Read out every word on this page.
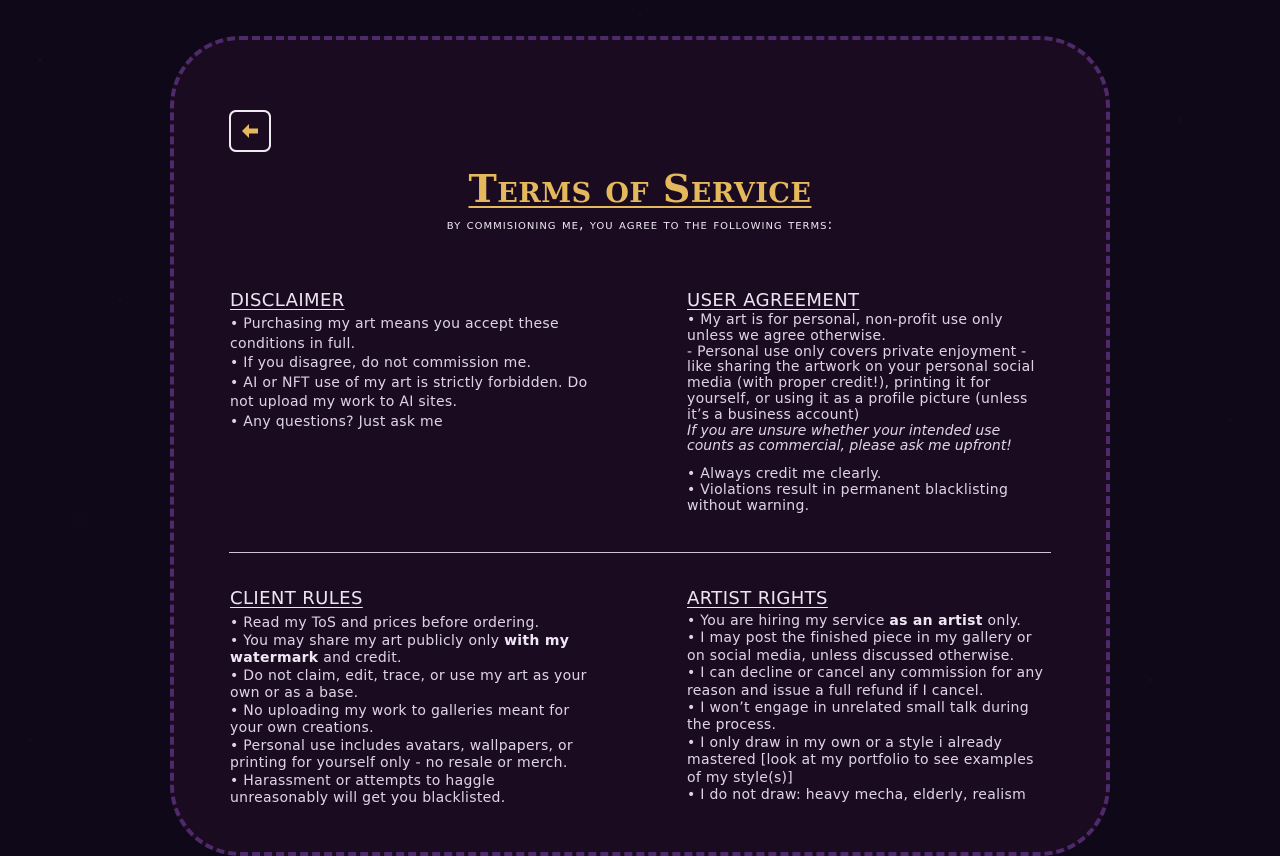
Terms of Service
by commisioning me, you agree to the following terms:
DISCLAIMER
• Purchasing my art means you accept these conditions in full.
• If you disagree, do not commission me.
• AI or NFT use of my art is strictly forbidden. Do not upload my work to AI sites.
• Any questions? Just ask me
USER AGREEMENT
• My art is for personal, non-profit use only unless we agree otherwise.
- Personal use only covers private enjoyment - like sharing the artwork on your personal social media (with proper credit!), printing it for yourself, or using it as a profile picture (unless it’s a business account)
If you are unsure whether your intended use counts as commercial, please ask me upfront!
• Always credit me clearly.
• Violations result in permanent blacklisting without warning.
CLIENT RULES
• Read my ToS and prices before ordering.
• You may share my art publicly only with my watermark and credit.
• Do not claim, edit, trace, or use my art as your own or as a base.
• No uploading my work to galleries meant for your own creations.
• Personal use includes avatars, wallpapers, or printing for yourself only - no resale or merch.
• Harassment or attempts to haggle unreasonably will get you blacklisted.
ARTIST RIGHTS
• You are hiring my service as an artist only.
• I may post the finished piece in my gallery or on social media, unless discussed otherwise.
• I can decline or cancel any commission for any reason and issue a full refund if I cancel.
• I won’t engage in unrelated small talk during the process.
• I only draw in my own or a style i already mastered [look at my portfolio to see examples of my style(s)]
• I do not draw: heavy mecha, elderly, realism
